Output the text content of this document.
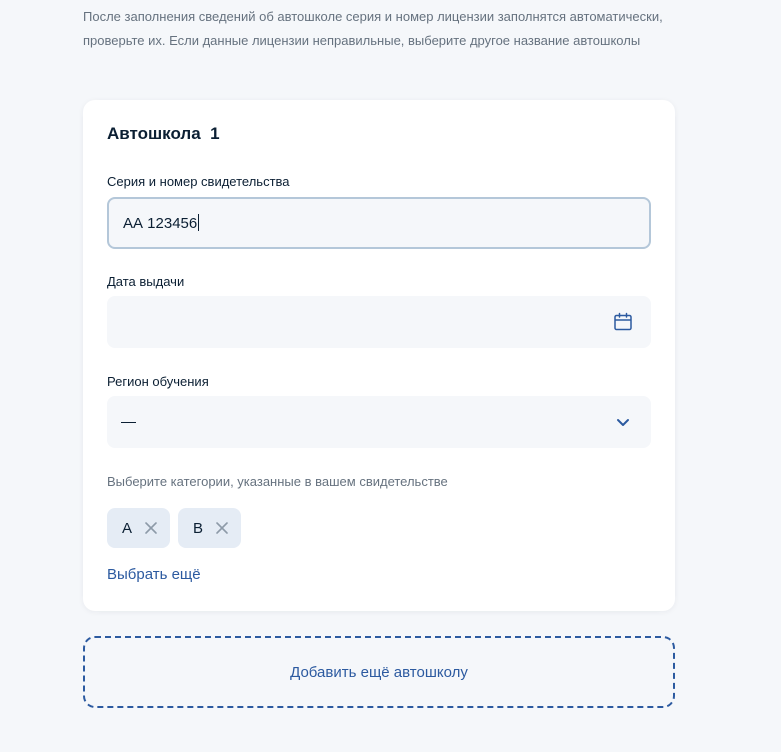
После заполнения сведений об автошколе серия и номер лицензии заполнятся автоматически, проверьте их. Если данные лицензии неправильные, выберите другое название автошколы
Автошкола  1
Серия и номер свидетельства
АА 123456
Дата выдачи
Регион обучения
—
Выберите категории, указанные в вашем свидетельстве
A	B
Выбрать ещё
Добавить ещё автошколу
